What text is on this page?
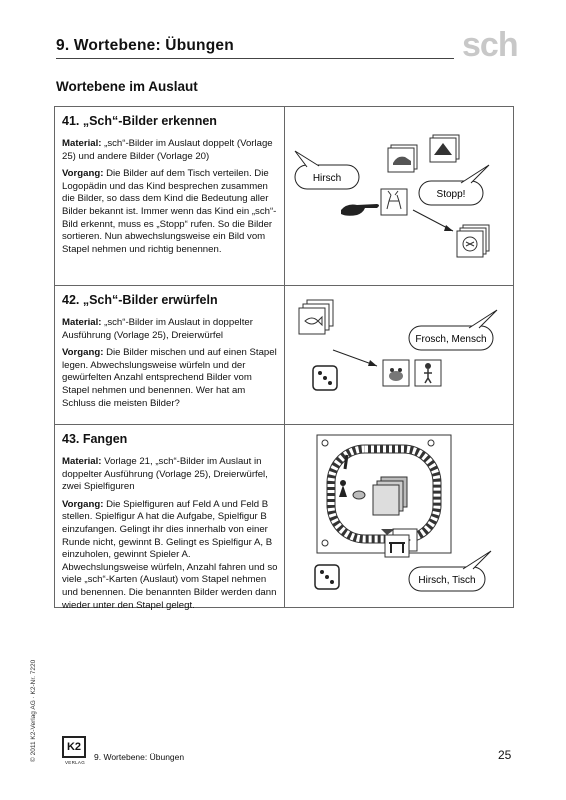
9. Wortebene: Übungen	sch
Wortebene im Auslaut
41. „Sch“-Bilder erkennen

Material: „sch“-Bilder im Auslaut doppelt (Vorlage 25) und andere Bilder (Vorlage 20)

Vorgang: Die Bilder auf dem Tisch verteilen. Die Logopädin und das Kind besprechen zusammen die Bilder, so dass dem Kind die Bedeutung aller Bilder bekannt ist. Immer wenn das Kind ein „sch“-Bild erkennt, muss es „Stopp“ rufen. So die Bilder sortieren. Nun abwechslungsweise ein Bild vom Stapel nehmen und richtig benennen.

Hirsch
Stopp!
42. „Sch“-Bilder erwürfeln

Material: „sch“-Bilder im Auslaut in doppelter Ausführung (Vorlage 25), Dreierwürfel

Vorgang: Die Bilder mischen und auf einen Stapel legen. Abwechslungsweise würfeln und der gewürfelten Anzahl entsprechend Bilder vom Stapel nehmen und benennen. Wer hat am Schluss die meisten Bilder?

Frosch, Mensch
43. Fangen

Material: Vorlage 21, „sch“-Bilder im Auslaut in doppelter Ausführung (Vorlage 25), Dreierwürfel, zwei Spielfiguren

Vorgang: Die Spielfiguren auf Feld A und Feld B stellen. Spielfigur A hat die Aufgabe, Spielfigur B einzufangen. Gelingt ihr dies innerhalb von einer Runde nicht, gewinnt B. Gelingt es Spielfigur A, B einzuholen, gewinnt Spieler A. Abwechslungsweise würfeln, Anzahl fahren und so viele „sch“-Karten (Auslaut) vom Stapel nehmen und benennen. Die benannten Bilder werden dann wieder unter den Stapel gelegt.

Hirsch, Tisch
© 2011 K2-Verlag AG · K2-Nr. 7220	K2
VERLAG
9. Wortebene: Übungen	25
